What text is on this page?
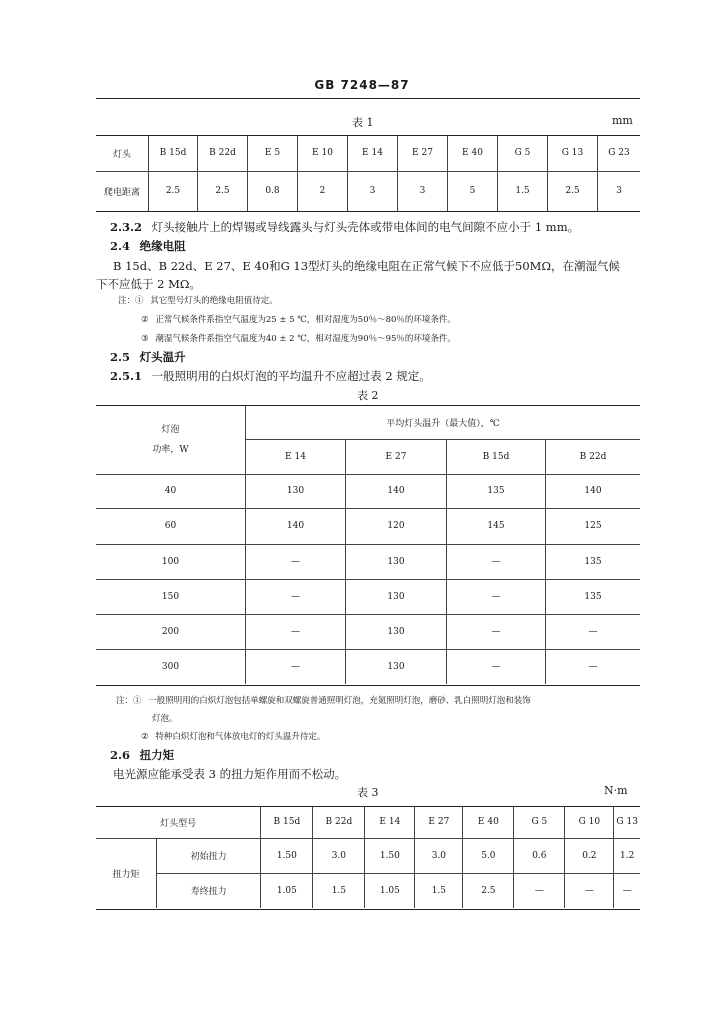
GB 7248—87
表 1	mm
灯头	B 15d	B 22d	E 5	E 10	E 14	E 27	E 40	G 5	G 13	G 23
爬电距离	2.5	2.5	0.8	2	3	3	5	1.5	2.5	3
2.3.2 灯头接触片上的焊锡或导线露头与灯头壳体或带电体间的电气间隙不应小于 1 mm。
2.4 绝缘电阻
B 15d、B 22d、E 27、E 40和G 13型灯头的绝缘电阻在正常气候下不应低于50MΩ，在潮湿气候
下不应低于 2 MΩ。
注：① 其它型号灯头的绝缘电阻值待定。
② 正常气候条件系指空气温度为25 ± 5 ℃，相对湿度为50％～80％的环境条件。
③ 潮湿气候条件系指空气温度为40 ± 2 ℃，相对湿度为90％～95％的环境条件。
2.5 灯头温升
2.5.1 一般照明用的白炽灯泡的平均温升不应超过表 2 规定。
表 2
灯泡
功率，W	平均灯头温升（最大值），℃			
	E 14	E 27	B 15d	B 22d
40	130	140	135	140
60	140	120	145	125
100	—	130	—	135
150	—	130	—	135
200	—	130	—	—
300	—	130	—	—
注：① 一般照明用的白炽灯泡包括单螺旋和双螺旋普通照明灯泡，充氪照明灯泡，磨砂、乳白照明灯泡和装饰
灯泡。
② 特种白炽灯泡和气体放电灯的灯头温升待定。
2.6 扭力矩
电光源应能承受表 3 的扭力矩作用而不松动。
表 3	N·m
灯头型号		B 15d	B 22d	E 14	E 27	E 40	G 5	G 10	G 13
扭力矩	初始扭力	1.50	3.0	1.50	3.0	5.0	0.6	0.2	1.2
	寿终扭力	1.05	1.5	1.05	1.5	2.5	—	—	—
